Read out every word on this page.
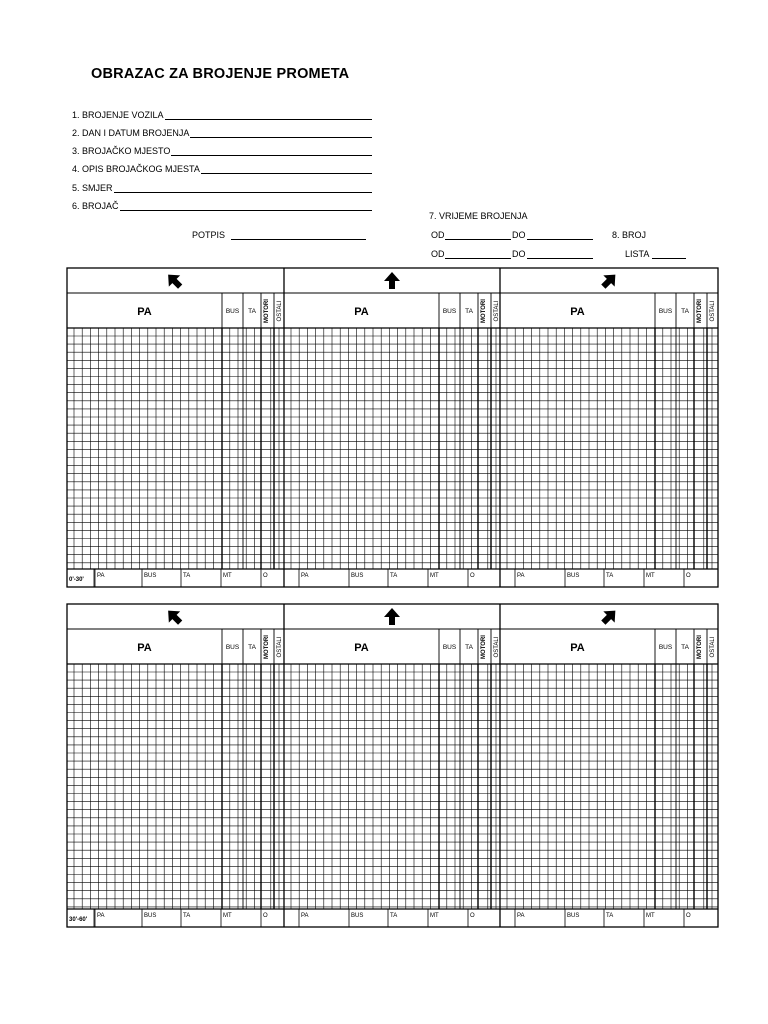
OBRAZAC ZA BROJENJE PROMETA
1. BROJENJE VOZILA
2. DAN I DATUM BROJENJA
3. BROJAČKO MJESTO
4. OPIS BROJAČKOG MJESTA
5. SMJER
6. BROJAČ
POTPIS
7. VRIJEME BROJENJA
OD	DO	8. BROJ
OD	DO	LISTA
PA	BUS TA MOTORI OSTALI
PA	BUS	TA	MT	O
PA	BUS TA MOTORI OSTALI
PA	BUS	TA	MT	O
PA	BUS TA MOTORI OSTALI
PA	BUS	TA	MT	O
0'-30'
PA	BUS TA MOTORI OSTALI
PA	BUS	TA	MT	O
PA	BUS TA MOTORI OSTALI
PA	BUS	TA	MT	O
PA	BUS TA MOTORI OSTALI
PA	BUS	TA	MT	O
30'-60'
